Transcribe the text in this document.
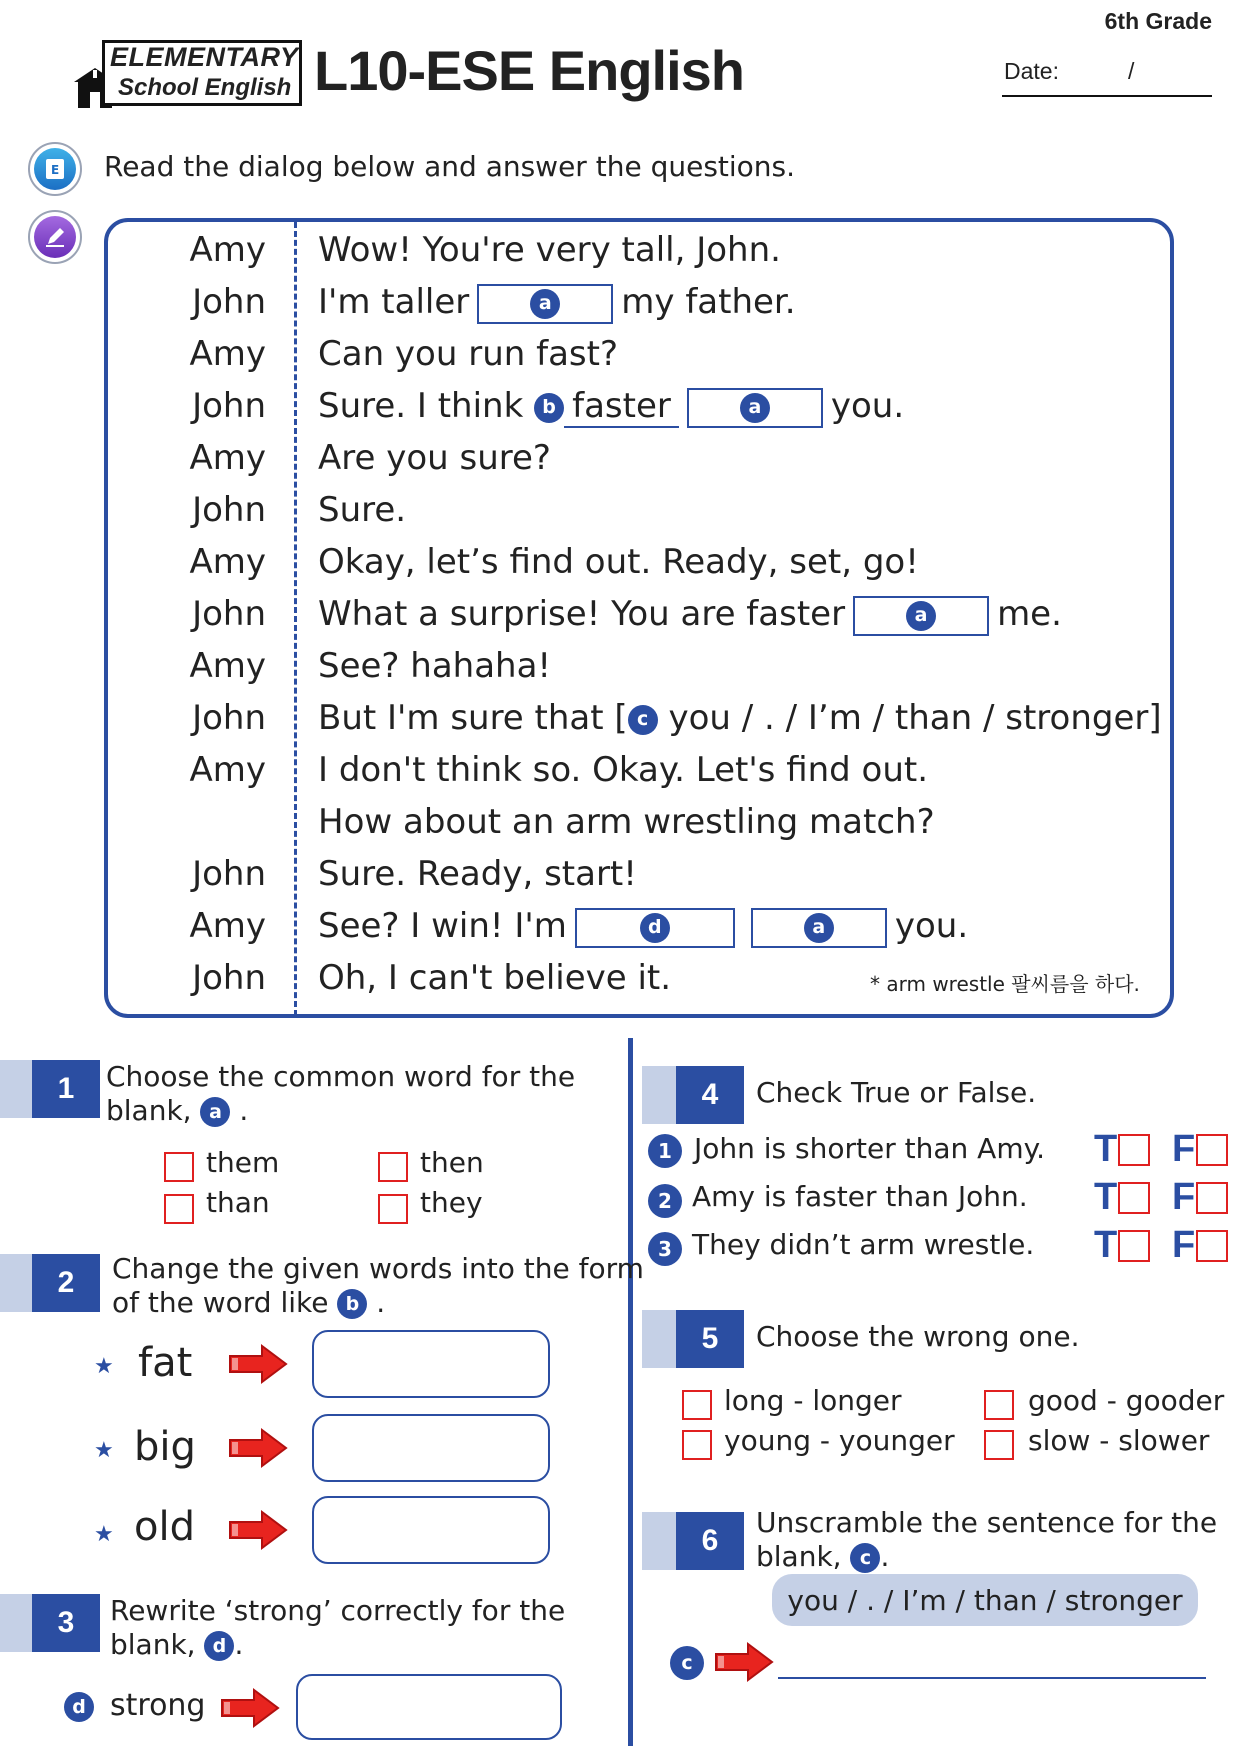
6th Grade
ELEMENTARY
School English L10-ESE English	Date:	/
E Read the dialog below and answer the questions.
Amy Wow! You're very tall, John.
John I'm taller	a my father.
Amy Can you run fast?
John Sure. I think b faster	a you.
Amy Are you sure?
John Sure.
Amy Okay, let’s find out. Ready, set, go!
John What a surprise! You are faster	a me.
Amy See? hahaha!
John But I'm sure that [ c you / . / I’m / than / stronger]
Amy I don't think so. Okay. Let's find out.
How about an arm wrestling match?
John Sure. Ready, start!
Amy See? I win! I'm	d	a you.
John Oh, I can't believe it.	* arm wrestle 팔씨름을 하다.
1	Choose the common word for the
blank, a .
them	then
than	they
2	Change the given words into the form
of the word like b .
★ fat
★ big
★ old
3	Rewrite ‘strong’ correctly for the
blank, d .
d strong
4	Check True or False.
1 John is shorter than Amy. T F
2 Amy is faster than John. T F
3 They didn’t arm wrestle. T F
5	Choose the wrong one.
long - longer	good - gooder
young - younger	slow - slower
6
Unscramble the sentence for the
blank, c .
you / . / I’m / than / stronger
c
